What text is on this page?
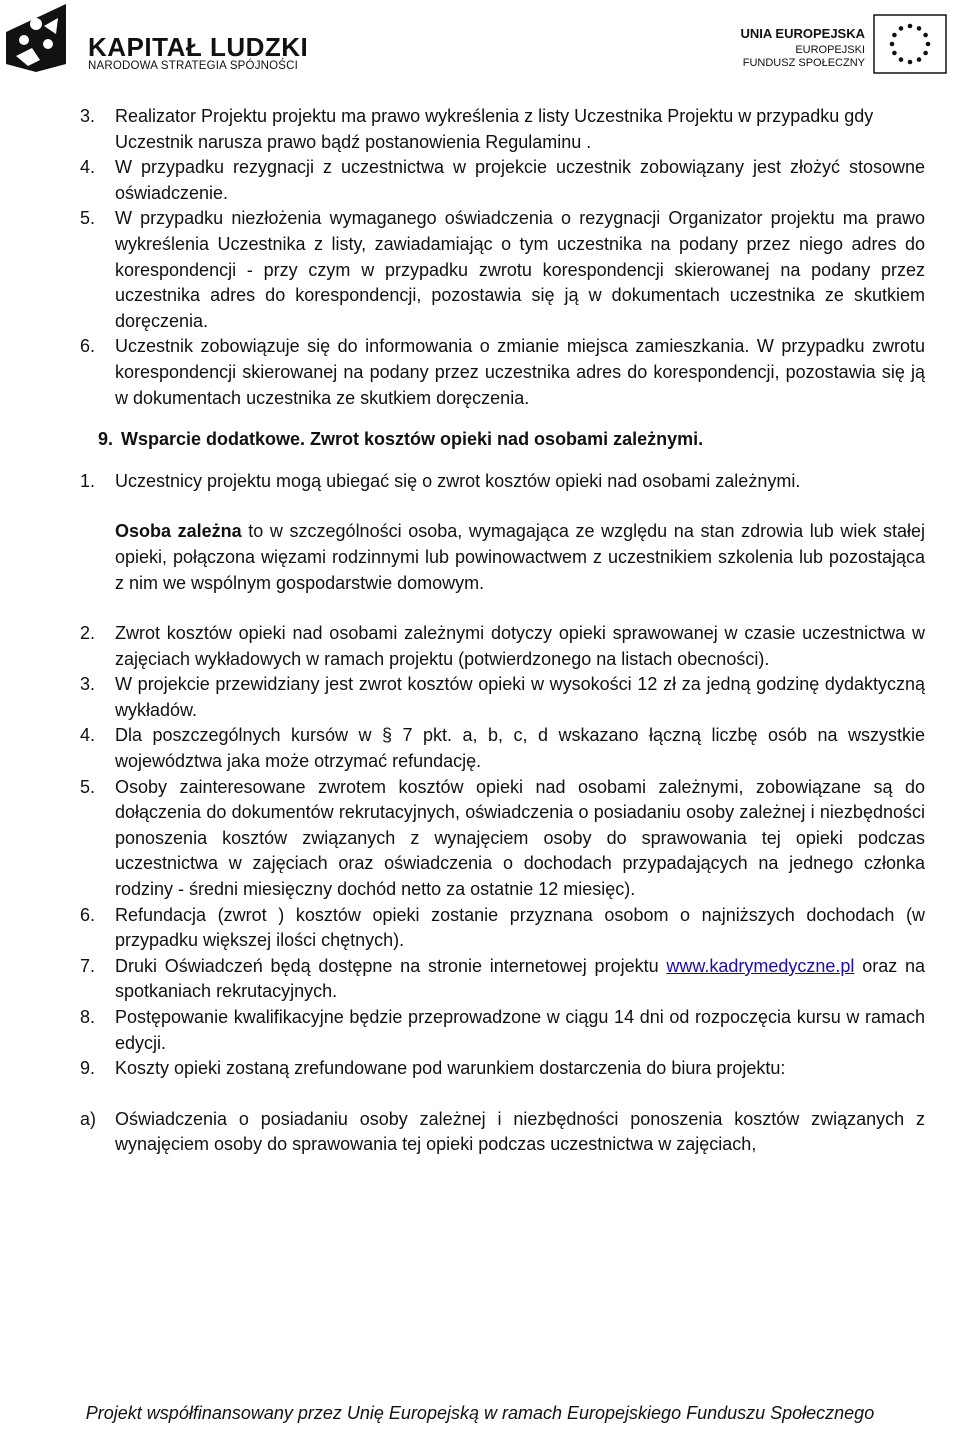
KAPITAŁ LUDZKI
NARODOWA STRATEGIA SPÓJNOŚCI
UNIA EUROPEJSKA
EUROPEJSKI
FUNDUSZ SPOŁECZNY
3.	Realizator Projektu projektu ma prawo wykreślenia z listy Uczestnika Projektu w przypadku gdy Uczestnik narusza prawo bądź postanowienia Regulaminu .
4.	W przypadku rezygnacji z uczestnictwa w projekcie uczestnik zobowiązany jest złożyć stosowne oświadczenie.
5.	W przypadku niezłożenia wymaganego oświadczenia o rezygnacji Organizator projektu ma prawo wykreślenia Uczestnika z listy, zawiadamiając o tym uczestnika na podany przez niego adres do korespondencji - przy czym w przypadku zwrotu korespondencji skierowanej na podany przez uczestnika adres do korespondencji, pozostawia się ją w dokumentach uczestnika ze skutkiem doręczenia.
6.	Uczestnik zobowiązuje się do informowania o zmianie miejsca zamieszkania. W przypadku zwrotu korespondencji skierowanej na podany przez uczestnika adres do korespondencji, pozostawia się ją w dokumentach uczestnika ze skutkiem doręczenia.
9. Wsparcie dodatkowe. Zwrot kosztów opieki nad osobami zależnymi.
1.	Uczestnicy projektu mogą ubiegać się o zwrot kosztów opieki nad osobami zależnymi.
Osoba zależna to w szczególności osoba, wymagająca ze względu na stan zdrowia lub wiek stałej opieki, połączona więzami rodzinnymi lub powinowactwem z uczestnikiem szkolenia lub pozostająca z nim we wspólnym gospodarstwie domowym.
2.	Zwrot kosztów opieki nad osobami zależnymi dotyczy opieki sprawowanej w czasie uczestnictwa w zajęciach wykładowych w ramach projektu (potwierdzonego na listach obecności).
3.	W projekcie przewidziany jest zwrot kosztów opieki w wysokości 12 zł za jedną godzinę dydaktyczną wykładów.
4.	Dla poszczególnych kursów w § 7 pkt. a, b, c, d wskazano łączną liczbę osób na wszystkie województwa jaka może otrzymać refundację.
5.	Osoby zainteresowane zwrotem kosztów opieki nad osobami zależnymi, zobowiązane są do dołączenia do dokumentów rekrutacyjnych, oświadczenia o posiadaniu osoby zależnej i niezbędności ponoszenia kosztów związanych z wynajęciem osoby do sprawowania tej opieki podczas uczestnictwa w zajęciach oraz oświadczenia o dochodach przypadających na jednego członka rodziny - średni miesięczny dochód netto za ostatnie 12 miesięc).
6.	Refundacja (zwrot ) kosztów opieki zostanie przyznana osobom o najniższych dochodach (w przypadku większej ilości chętnych).
7.	Druki Oświadczeń będą dostępne na stronie internetowej projektu www.kadrymedyczne.pl oraz na spotkaniach rekrutacyjnych.
8.	Postępowanie kwalifikacyjne będzie przeprowadzone w ciągu 14 dni od rozpoczęcia kursu w ramach edycji.
9.	Koszty opieki zostaną zrefundowane pod warunkiem dostarczenia do biura projektu:
a)	Oświadczenia o posiadaniu osoby zależnej i niezbędności ponoszenia kosztów związanych z wynajęciem osoby do sprawowania tej opieki podczas uczestnictwa w zajęciach,
Projekt współfinansowany przez Unię Europejską w ramach Europejskiego Funduszu Społecznego
